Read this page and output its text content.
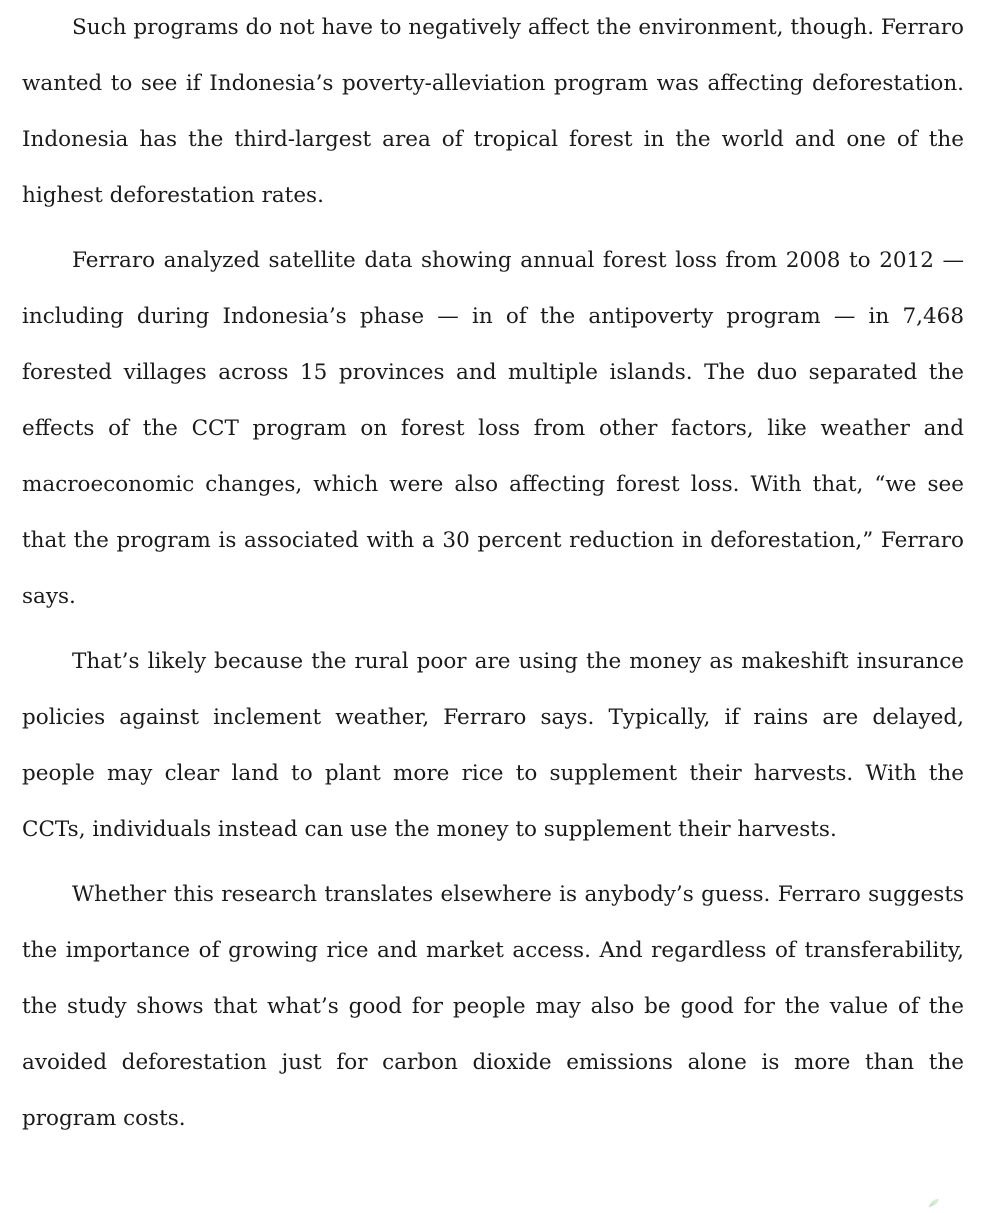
Such programs do not have to negatively affect the environment, though. Ferraro wanted to see if Indonesia’s poverty-alleviation program was affecting deforestation. Indonesia has the third-largest area of tropical forest in the world and one of the highest deforestation rates.

Ferraro analyzed satellite data showing annual forest loss from 2008 to 2012 — including during Indonesia’s phase — in of the antipoverty program — in 7,468 forested villages across 15 provinces and multiple islands. The duo separated the effects of the CCT program on forest loss from other factors, like weather and macroeconomic changes, which were also affecting forest loss. With that, “we see that the program is associated with a 30 percent reduction in deforestation,” Ferraro says.

That’s likely because the rural poor are using the money as makeshift insurance policies against inclement weather, Ferraro says. Typically, if rains are delayed, people may clear land to plant more rice to supplement their harvests. With the CCTs, individuals instead can use the money to supplement their harvests.

Whether this research translates elsewhere is anybody’s guess. Ferraro suggests the importance of growing rice and market access. And regardless of transferability, the study shows that what’s good for people may also be good for the value of the avoided deforestation just for carbon dioxide emissions alone is more than the program costs.
